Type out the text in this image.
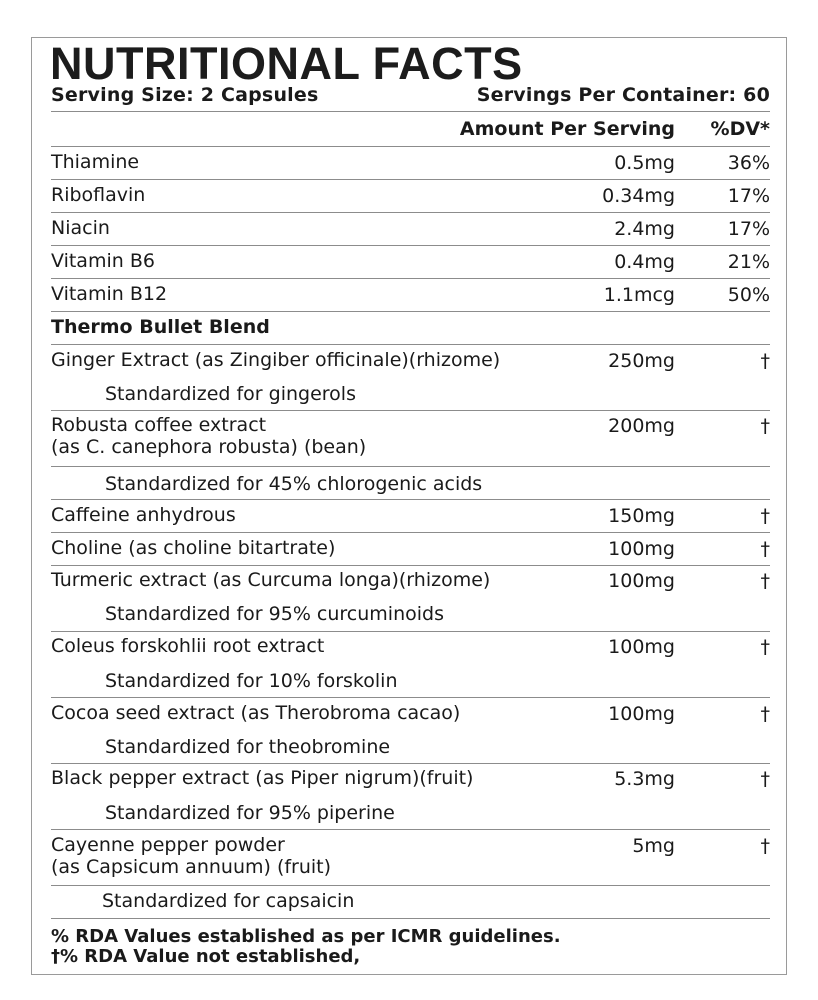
NUTRITIONAL FACTS
Serving Size: 2 Capsules	Servings Per Container: 60
Amount Per Serving %DV*
Thiamine	0.5mg	36%
Riboflavin	0.34mg	17%
Niacin	2.4mg	17%
Vitamin B6	0.4mg	21%
Vitamin B12	1.1mcg	50%
Thermo Bullet Blend
Ginger Extract (as Zingiber officinale)(rhizome)	250mg	†
Standardized for gingerols
Robusta coffee extract
(as C. canephora robusta) (bean)
200mg	†
Standardized for 45% chlorogenic acids
Caffeine anhydrous	150mg	†
Choline (as choline bitartrate)	100mg	†
Turmeric extract (as Curcuma longa)(rhizome)	100mg	†
Standardized for 95% curcuminoids
Coleus forskohlii root extract	100mg	†
Standardized for 10% forskolin
Cocoa seed extract (as Therobroma cacao)	100mg	†
Standardized for theobromine
Black pepper extract (as Piper nigrum)(fruit)	5.3mg	†
Standardized for 95% piperine
Cayenne pepper powder
(as Capsicum annuum) (fruit)
5mg	†
Standardized for capsaicin
% RDA Values established as per ICMR guidelines.
†% RDA Value not established,
